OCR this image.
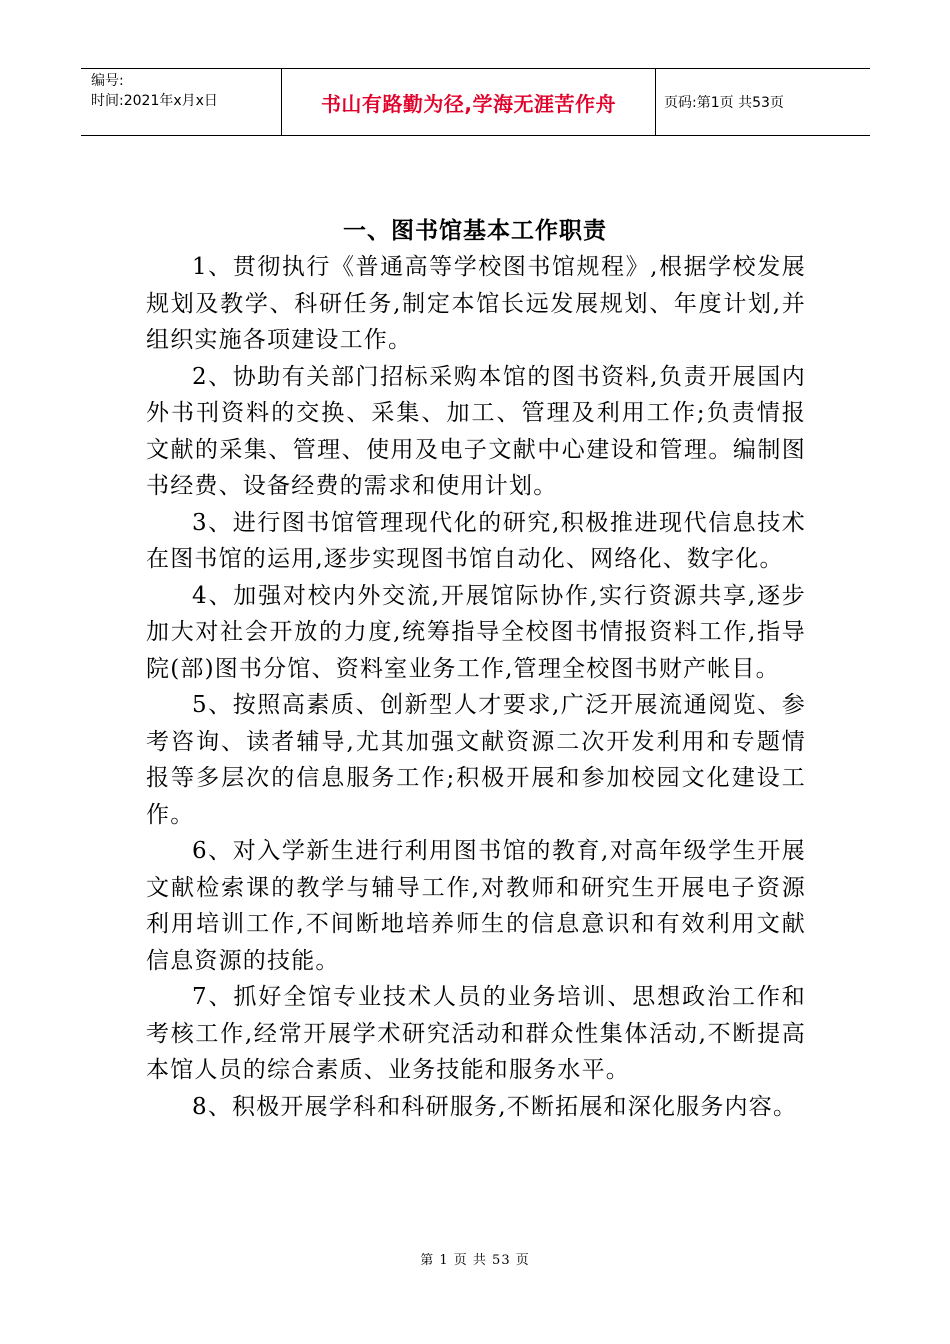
编号:
时间:2021年x月x日	书山有路勤为径,学海无涯苦作舟	页码:第1页 共53页
一、图书馆基本工作职责

1、贯彻执行《普通高等学校图书馆规程》,根据学校发展规划及教学、科研任务,制定本馆长远发展规划、年度计划,并组织实施各项建设工作。

2、协助有关部门招标采购本馆的图书资料,负责开展国内外书刊资料的交换、采集、加工、管理及利用工作;负责情报文献的采集、管理、使用及电子文献中心建设和管理。编制图书经费、设备经费的需求和使用计划。

3、进行图书馆管理现代化的研究,积极推进现代信息技术在图书馆的运用,逐步实现图书馆自动化、网络化、数字化。

4、加强对校内外交流,开展馆际协作,实行资源共享,逐步加大对社会开放的力度,统筹指导全校图书情报资料工作,指导院(部)图书分馆、资料室业务工作,管理全校图书财产帐目。

5、按照高素质、创新型人才要求,广泛开展流通阅览、参考咨询、读者辅导,尤其加强文献资源二次开发利用和专题情报等多层次的信息服务工作;积极开展和参加校园文化建设工作。

6、对入学新生进行利用图书馆的教育,对高年级学生开展文献检索课的教学与辅导工作,对教师和研究生开展电子资源利用培训工作,不间断地培养师生的信息意识和有效利用文献信息资源的技能。

7、抓好全馆专业技术人员的业务培训、思想政治工作和考核工作,经常开展学术研究活动和群众性集体活动,不断提高本馆人员的综合素质、业务技能和服务水平。

8、积极开展学科和科研服务,不断拓展和深化服务内容。

第 1 页 共 53 页
